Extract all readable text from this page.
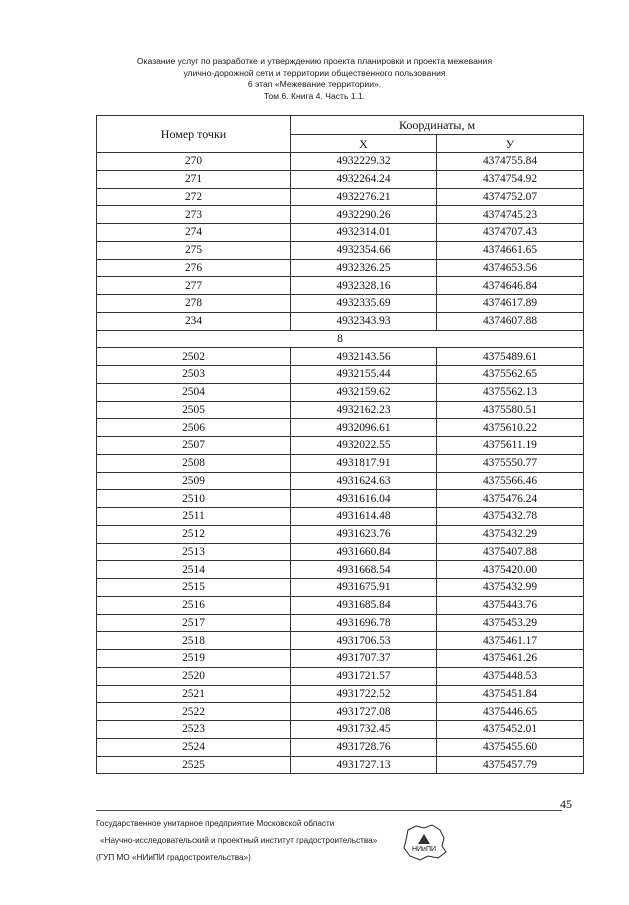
Оказание услуг по разработке и утверждению проекта планировки и проекта межевания
улично-дорожной сети и территории общественного пользования
6 этап «Межевание территории».
Том 6. Книга 4. Часть 1.1.
Номер точки	Координаты, м	
	X	У
270	4932229.32	4374755.84
271	4932264.24	4374754.92
272	4932276.21	4374752.07
273	4932290.26	4374745.23
274	4932314.01	4374707.43
275	4932354.66	4374661.65
276	4932326.25	4374653.56
277	4932328.16	4374646.84
278	4932335.69	4374617.89
234	4932343.93	4374607.88
8		
2502	4932143.56	4375489.61
2503	4932155.44	4375562.65
2504	4932159.62	4375562.13
2505	4932162.23	4375580.51
2506	4932096.61	4375610.22
2507	4932022.55	4375611.19
2508	4931817.91	4375550.77
2509	4931624.63	4375566.46
2510	4931616.04	4375476.24
2511	4931614.48	4375432.78
2512	4931623.76	4375432.29
2513	4931660.84	4375407.88
2514	4931668.54	4375420.00
2515	4931675.91	4375432.99
2516	4931685.84	4375443.76
2517	4931696.78	4375453.29
2518	4931706.53	4375461.17
2519	4931707.37	4375461.26
2520	4931721.57	4375448.53
2521	4931722.52	4375451.84
2522	4931727.08	4375446.65
2523	4931732.45	4375452.01
2524	4931728.76	4375455.60
2525	4931727.13	4375457.79
45
Государственное унитарное предприятие Московской области
«Научно-исследовательский и проектный институт градостроительства»
(ГУП МО «НИиПИ градостроительства»)
НИиПИ
